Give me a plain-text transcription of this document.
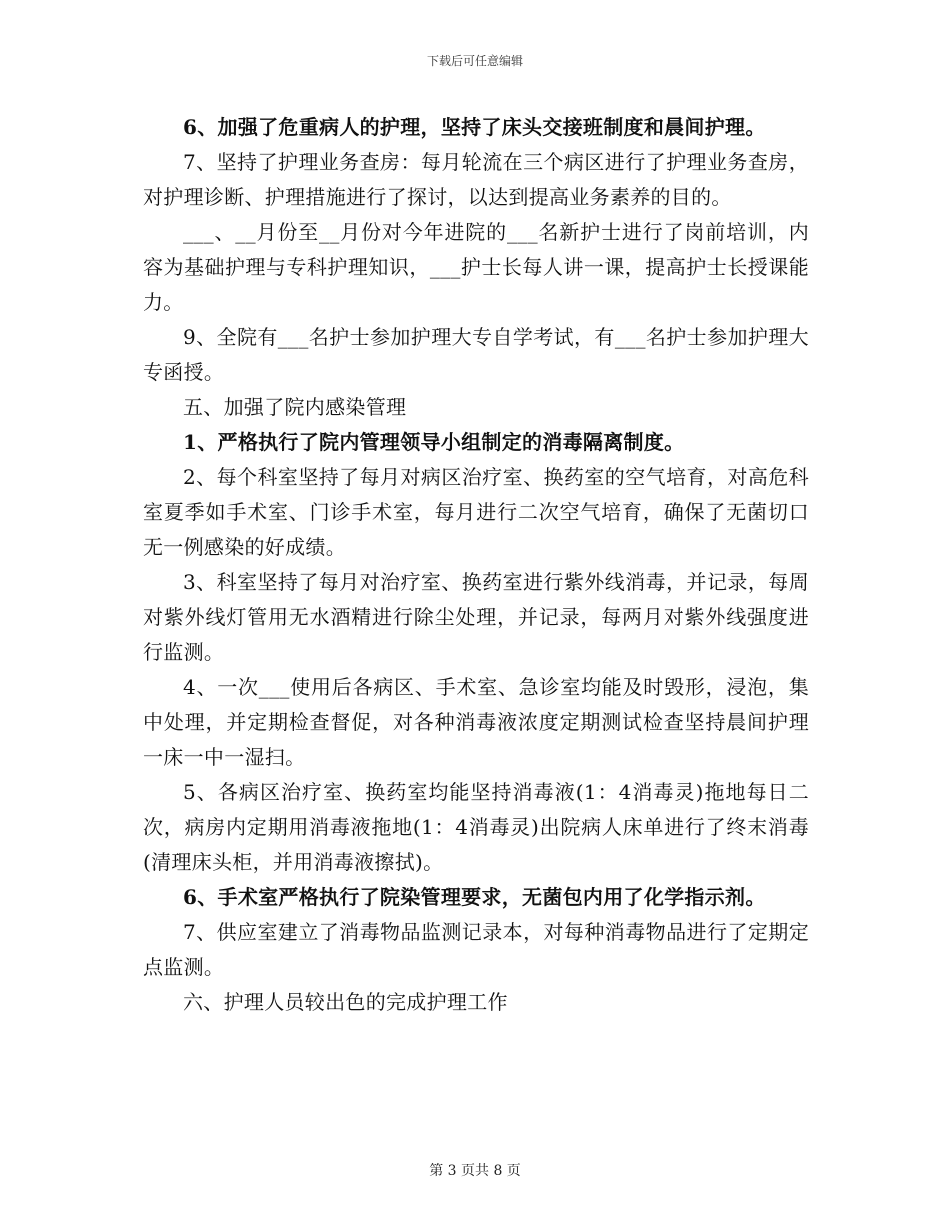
下载后可任意编辑

6、加强了危重病人的护理，坚持了床头交接班制度和晨间护理。

7、坚持了护理业务查房：每月轮流在三个病区进行了护理业务查房，对护理诊断、护理措施进行了探讨，以达到提高业务素养的目的。

___、__月份至__月份对今年进院的___名新护士进行了岗前培训，内容为基础护理与专科护理知识，___护士长每人讲一课，提高护士长授课能力。

9、全院有___名护士参加护理大专自学考试，有___名护士参加护理大专函授。

五、加强了院内感染管理

1、严格执行了院内管理领导小组制定的消毒隔离制度。

2、每个科室坚持了每月对病区治疗室、换药室的空气培育，对高危科室夏季如手术室、门诊手术室，每月进行二次空气培育，确保了无菌切口无一例感染的好成绩。

3、科室坚持了每月对治疗室、换药室进行紫外线消毒，并记录，每周对紫外线灯管用无水酒精进行除尘处理，并记录，每两月对紫外线强度进行监测。

4、一次___使用后各病区、手术室、急诊室均能及时毁形，浸泡，集中处理，并定期检查督促，对各种消毒液浓度定期测试检查坚持晨间护理一床一中一湿扫。

5、各病区治疗室、换药室均能坚持消毒液(1：4消毒灵)拖地每日二次，病房内定期用消毒液拖地(1：4消毒灵)出院病人床单进行了终末消毒(清理床头柜，并用消毒液擦拭)。

6、手术室严格执行了院染管理要求，无菌包内用了化学指示剂。

7、供应室建立了消毒物品监测记录本，对每种消毒物品进行了定期定点监测。

六、护理人员较出色的完成护理工作

第 3 页共 8 页
